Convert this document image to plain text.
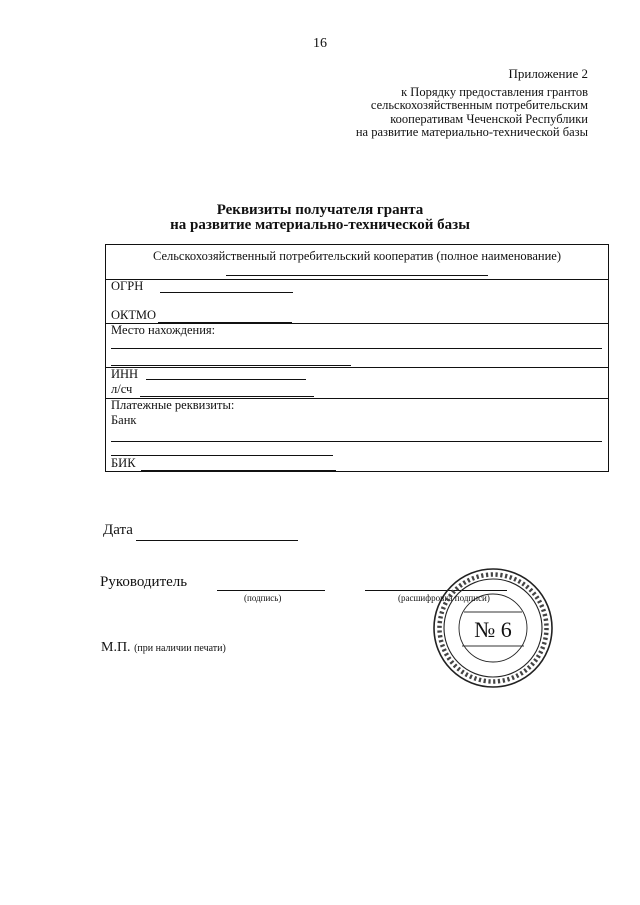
16
Приложение 2
к Порядку предоставления грантов
сельскохозяйственным потребительским
кооперативам Чеченской Республики
на развитие материально-технической базы
Реквизиты получателя гранта
на развитие материально-технической базы
Сельскохозяйственный потребительский кооператив (полное наименование)
ОГРН
ОКТМО
Место нахождения:
ИНН
л/сч
Платежные реквизиты:
Банк
БИК
Дата
Руководитель
(подпись)	(расшифровка подписи)
М.П. (при наличии печати)
№ 6
